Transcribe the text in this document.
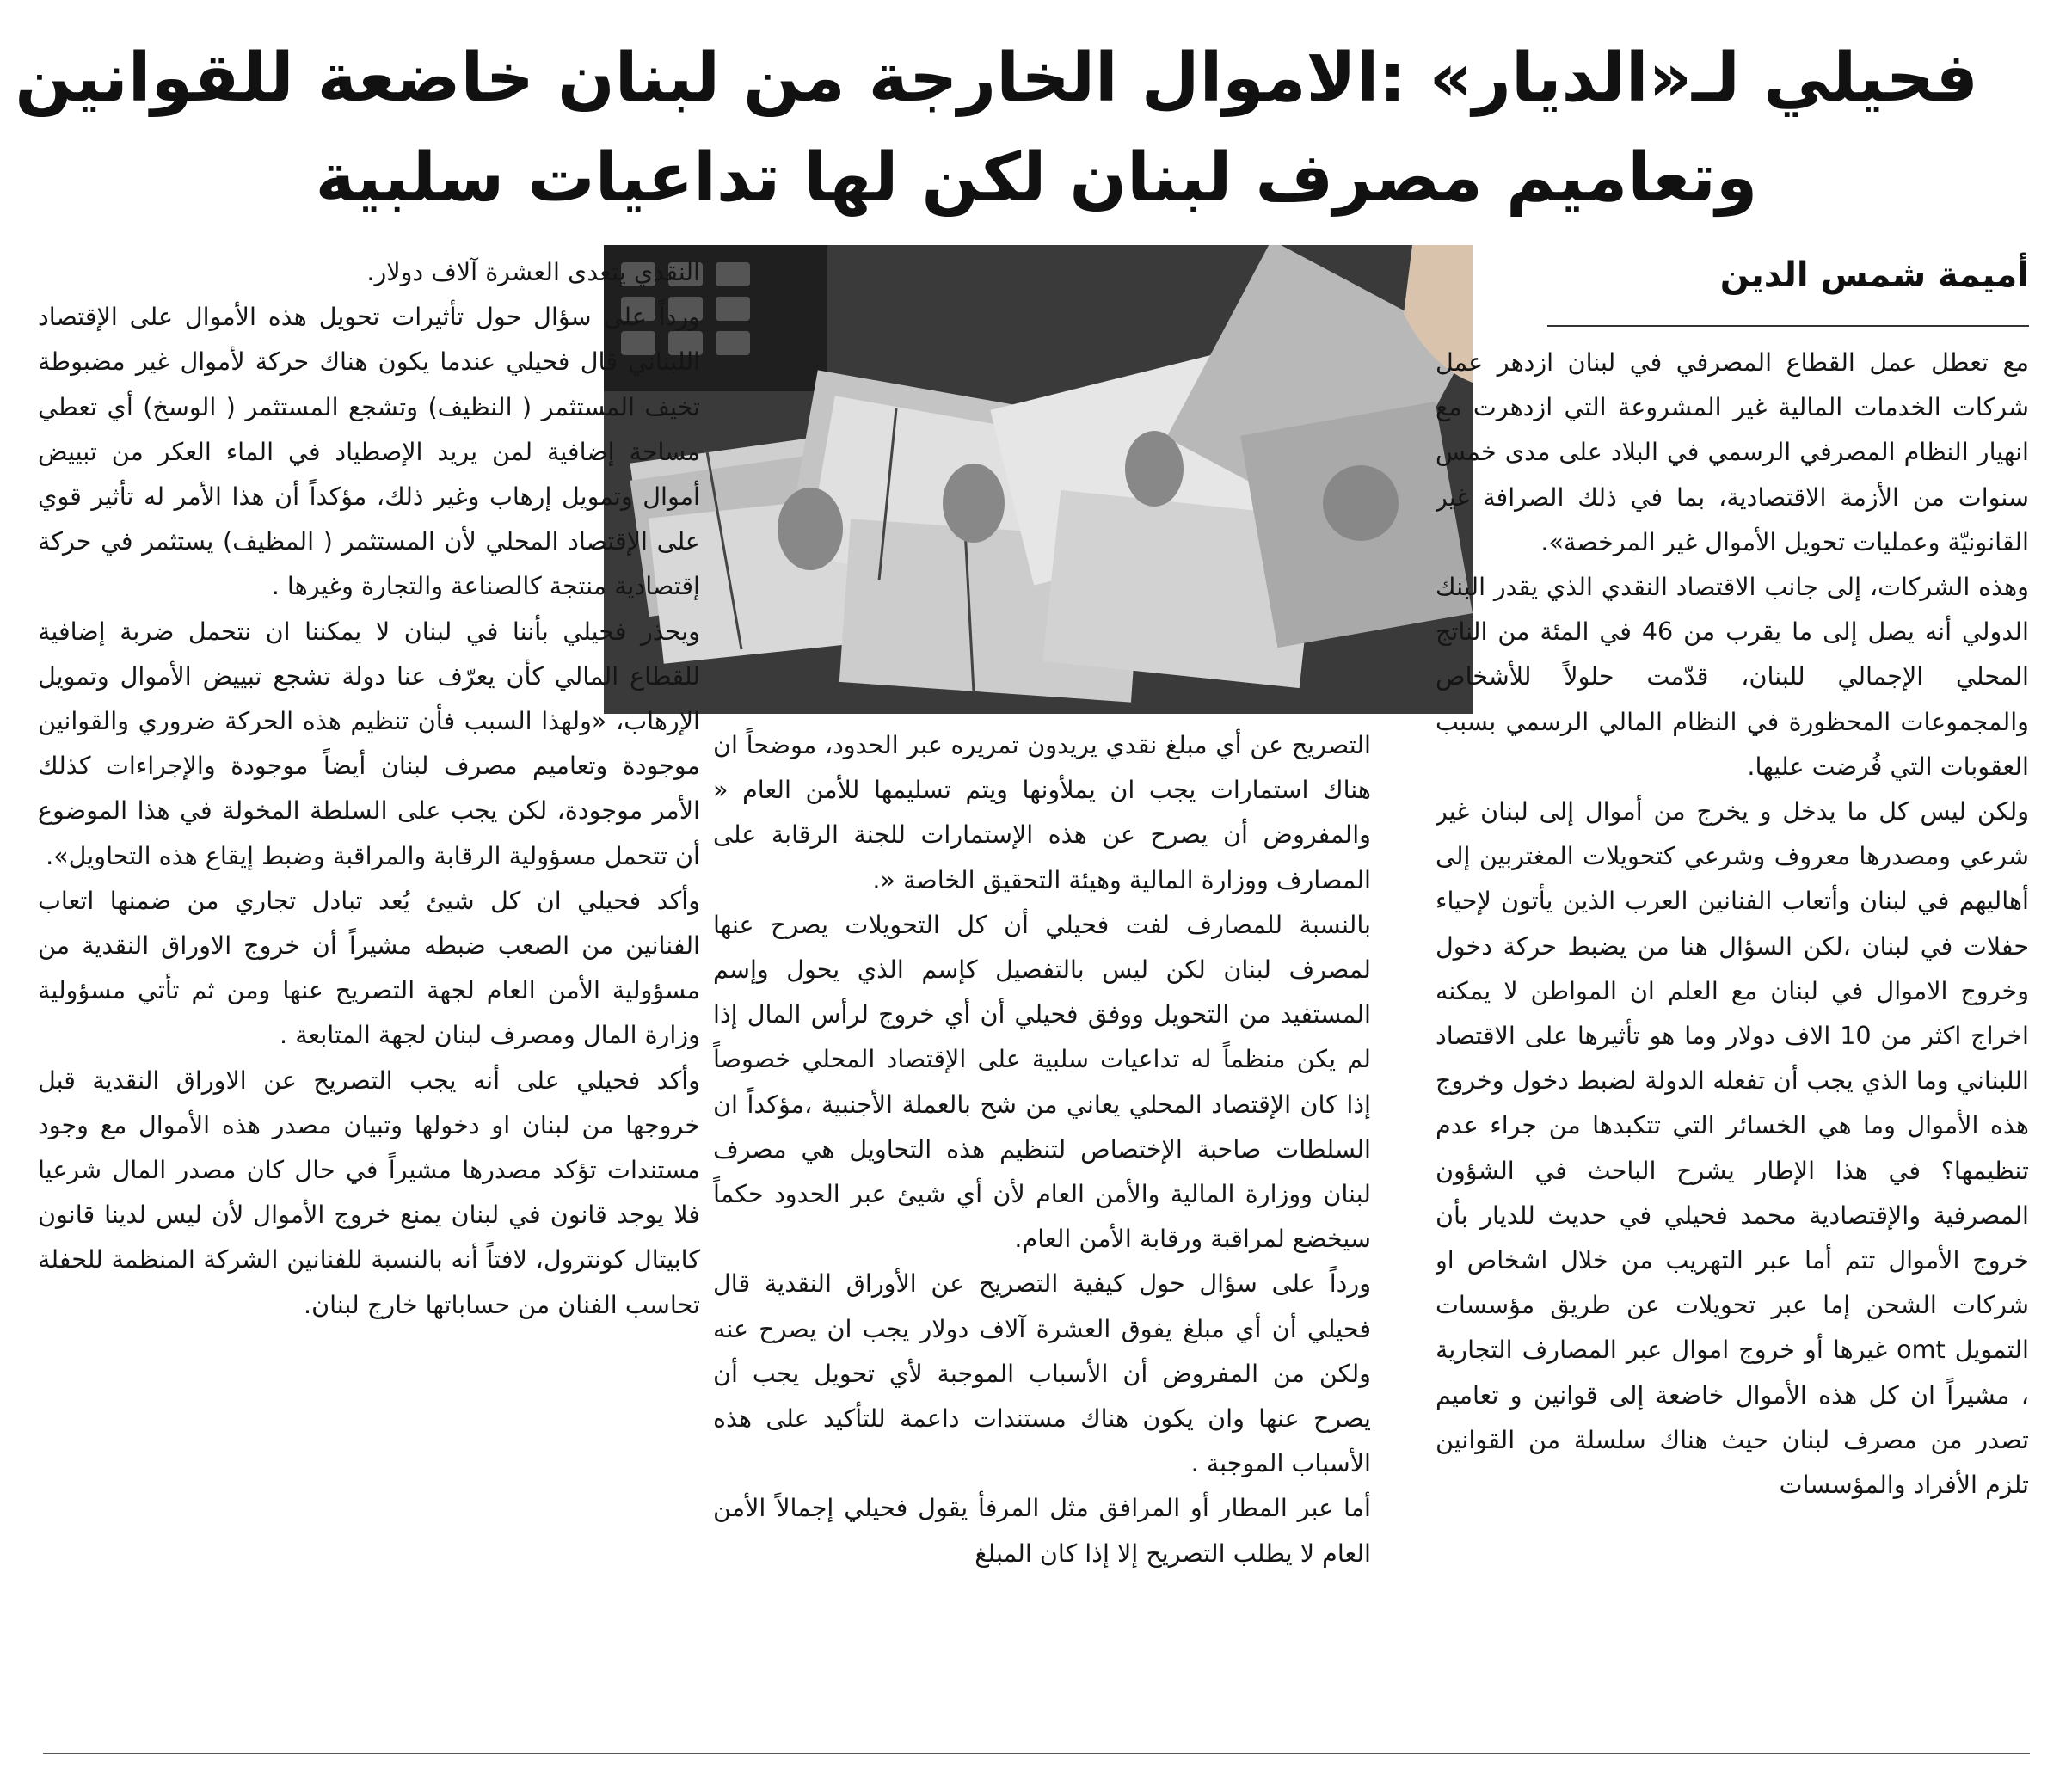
فحيلي لـ«الديار» :الاموال الخارجة من لبنان خاضعة للقوانين
وتعاميم مصرف لبنان لكن لها تداعيات سلبية
أميمة شمس الدين

مع تعطل عمل القطاع المصرفي في لبنان ازدهر عمل شركات الخدمات المالية غير المشروعة التي ازدهرت مع انهيار النظام المصرفي الرسمي في البلاد على مدى خمس سنوات من الأزمة الاقتصادية، بما في ذلك الصرافة غير القانونيّة وعمليات تحويل الأموال غير المرخصة».

وهذه الشركات، إلى جانب الاقتصاد النقدي الذي يقدر البنك الدولي أنه يصل إلى ما يقرب من 46 في المئة من الناتج المحلي الإجمالي للبنان، قدّمت حلولاً للأشخاص والمجموعات المحظورة في النظام المالي الرسمي بسبب العقوبات التي فُرضت عليها.

ولكن ليس كل ما يدخل و يخرج من أموال إلى لبنان غير شرعي ومصدرها معروف وشرعي كتحويلات المغتربين إلى أهاليهم في لبنان وأتعاب الفنانين العرب الذين يأتون لإحياء حفلات في لبنان ،لكن السؤال هنا من يضبط حركة دخول وخروج الاموال في لبنان مع العلم ان المواطن لا يمكنه اخراج اكثر من 10 الاف دولار وما هو تأثيرها على الاقتصاد اللبناني وما الذي يجب أن تفعله الدولة لضبط دخول وخروج هذه الأموال وما هي الخسائر التي تتكبدها من جراء عدم تنظيمها؟ في هذا الإطار يشرح الباحث في الشؤون المصرفية والإقتصادية محمد فحيلي في حديث للديار بأن خروج الأموال تتم أما عبر التهريب من خلال اشخاص او شركات الشحن إما عبر تحويلات عن طريق مؤسسات التمويل omt غيرها أو خروج اموال عبر المصارف التجارية ، مشيراً ان كل هذه الأموال خاضعة إلى قوانين و تعاميم تصدر من مصرف لبنان حيث هناك سلسلة من القوانين تلزم الأفراد والمؤسسات

التصريح عن أي مبلغ نقدي يريدون تمريره عبر الحدود، موضحاً ان هناك استمارات يجب ان يملأونها ويتم تسليمها للأمن العام « والمفروض أن يصرح عن هذه الإستمارات للجنة الرقابة على المصارف ووزارة المالية وهيئة التحقيق الخاصة «.

بالنسبة للمصارف لفت فحيلي أن كل التحويلات يصرح عنها لمصرف لبنان لكن ليس بالتفصيل كإسم الذي يحول وإسم المستفيد من التحويل ووفق فحيلي أن أي خروج لرأس المال إذا لم يكن منظماً له تداعيات سلبية على الإقتصاد المحلي خصوصاً إذا كان الإقتصاد المحلي يعاني من شح بالعملة الأجنبية ،مؤكداً ان السلطات صاحبة الإختصاص لتنظيم هذه التحاويل هي مصرف لبنان ووزارة المالية والأمن العام لأن أي شيئ عبر الحدود حكماً سيخضع لمراقبة ورقابة الأمن العام.

ورداً على سؤال حول كيفية التصريح عن الأوراق النقدية قال فحيلي أن أي مبلغ يفوق العشرة آلاف دولار يجب ان يصرح عنه ولكن من المفروض أن الأسباب الموجبة لأي تحويل يجب أن يصرح عنها وان يكون هناك مستندات داعمة للتأكيد على هذه الأسباب الموجبة .

أما عبر المطار أو المرافق مثل المرفأ يقول فحيلي إجمالاً الأمن العام لا يطلب التصريح إلا إذا كان المبلغ

النقدي يتعدى العشرة آلاف دولار.

ورداً على سؤال حول تأثيرات تحويل هذه الأموال على الإقتصاد اللبناني قال فحيلي عندما يكون هناك حركة لأموال غير مضبوطة تخيف المستثمر ( النظيف) وتشجع المستثمر ( الوسخ) أي تعطي مساحة إضافية لمن يريد الإصطياد في الماء العكر من تبييض أموال وتمويل إرهاب وغير ذلك، مؤكداً أن هذا الأمر له تأثير قوي على الإقتصاد المحلي لأن المستثمر ( المظيف) يستثمر في حركة إقتصادية منتجة كالصناعة والتجارة وغيرها .

ويحذر فحيلي بأننا في لبنان لا يمكننا ان نتحمل ضربة إضافية للقطاع المالي كأن يعرّف عنا دولة تشجع تبييض الأموال وتمويل الإرهاب، «ولهذا السبب فأن تنظيم هذه الحركة ضروري والقوانين موجودة وتعاميم مصرف لبنان أيضاً موجودة والإجراءات كذلك الأمر موجودة، لكن يجب على السلطة المخولة في هذا الموضوع أن تتحمل مسؤولية الرقابة والمراقبة وضبط إيقاع هذه التحاويل».

وأكد فحيلي ان كل شيئ يُعد تبادل تجاري من ضمنها اتعاب الفنانين من الصعب ضبطه مشيراً أن خروج الاوراق النقدية من مسؤولية الأمن العام لجهة التصريح عنها ومن ثم تأتي مسؤولية وزارة المال ومصرف لبنان لجهة المتابعة .

وأكد فحيلي على أنه يجب التصريح عن الاوراق النقدية قبل خروجها من لبنان او دخولها وتبيان مصدر هذه الأموال مع وجود مستندات تؤكد مصدرها مشيراً في حال كان مصدر المال شرعيا فلا يوجد قانون في لبنان يمنع خروج الأموال لأن ليس لدينا قانون كابيتال كونترول، لافتاً أنه بالنسبة للفنانين الشركة المنظمة للحفلة تحاسب الفنان من حساباتها خارج لبنان.
